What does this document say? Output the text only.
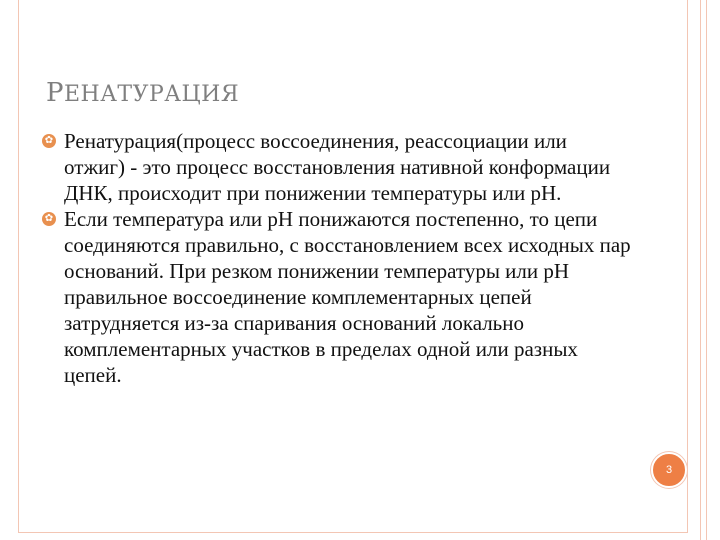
РЕНАТУРАЦИЯ
✿ Ренатурация(процесс воссоединения, реассоциации или отжиг) - это процесс восстановления нативной конформации ДНК, происходит при понижении температуры или pH.
✿ Если температура или pH понижаются постепенно, то цепи соединяются правильно, с восстановлением всех исходных пар оснований. При резком понижении температуры или pH правильное воссоединение комплементарных цепей затрудняется из-за спаривания оснований локально комплементарных участков в пределах одной или разных цепей.
3
